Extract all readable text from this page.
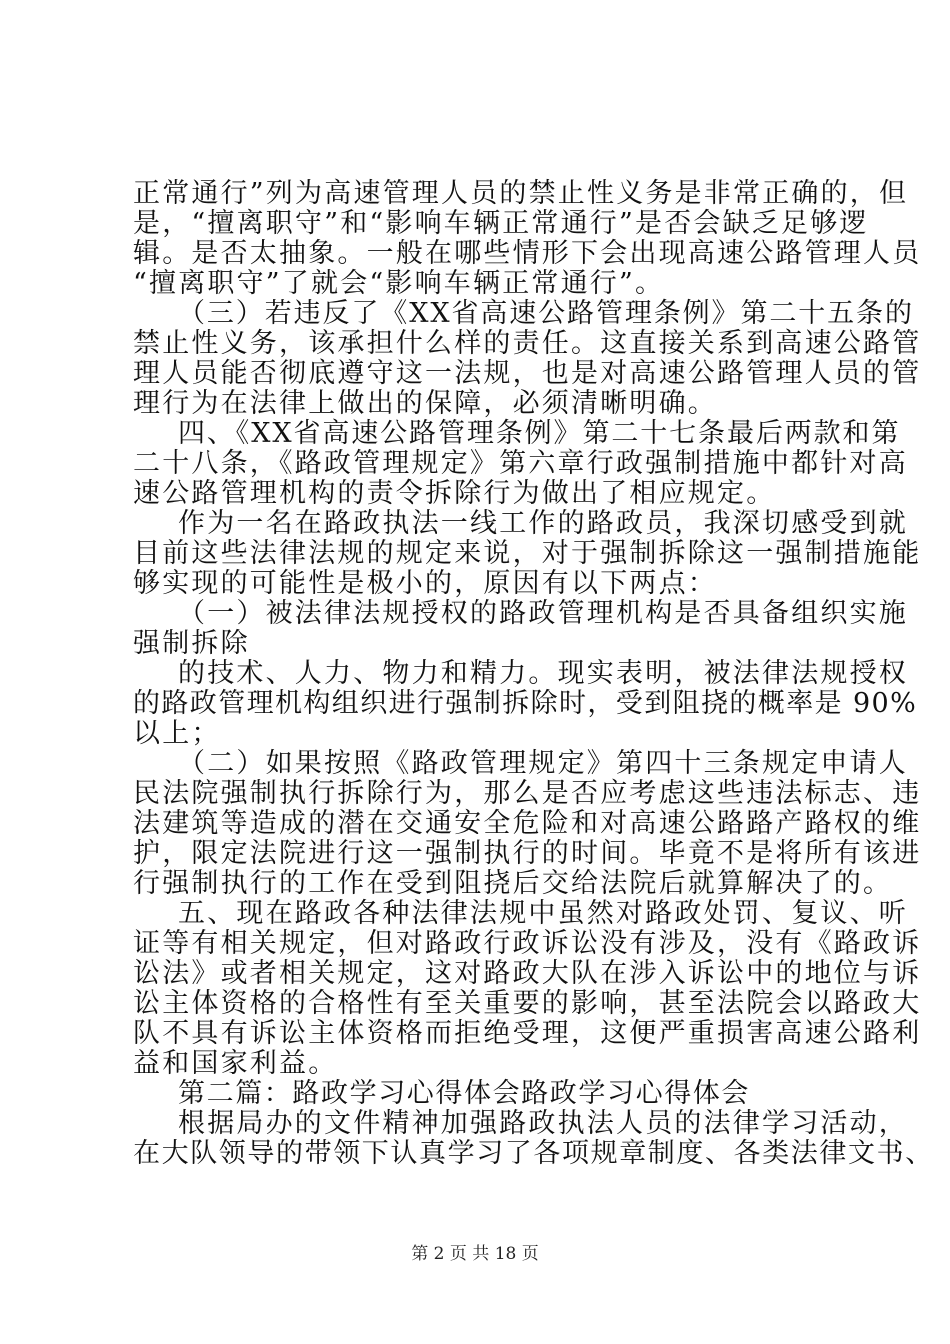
正常通行”列为高速管理人员的禁止性义务是非常正确的，但
是，“擅离职守”和“影响车辆正常通行”是否会缺乏足够逻
辑。是否太抽象。一般在哪些情形下会出现高速公路管理人员
“擅离职守”了就会“影响车辆正常通行”。
（三）若违反了《XX省高速公路管理条例》第二十五条的
禁止性义务，该承担什么样的责任。这直接关系到高速公路管
理人员能否彻底遵守这一法规，也是对高速公路管理人员的管
理行为在法律上做出的保障，必须清晰明确。
四、《XX省高速公路管理条例》第二十七条最后两款和第
二十八条，《路政管理规定》第六章行政强制措施中都针对高
速公路管理机构的责令拆除行为做出了相应规定。
作为一名在路政执法一线工作的路政员，我深切感受到就
目前这些法律法规的规定来说，对于强制拆除这一强制措施能
够实现的可能性是极小的，原因有以下两点：
（一）被法律法规授权的路政管理机构是否具备组织实施
强制拆除
的技术、人力、物力和精力。现实表明，被法律法规授权
的路政管理机构组织进行强制拆除时，受到阻挠的概率是 90%
以上；
（二）如果按照《路政管理规定》第四十三条规定申请人
民法院强制执行拆除行为，那么是否应考虑这些违法标志、违
法建筑等造成的潜在交通安全危险和对高速公路路产路权的维
护，限定法院进行这一强制执行的时间。毕竟不是将所有该进
行强制执行的工作在受到阻挠后交给法院后就算解决了的。
五、现在路政各种法律法规中虽然对路政处罚、复议、听
证等有相关规定，但对路政行政诉讼没有涉及，没有《路政诉
讼法》或者相关规定，这对路政大队在涉入诉讼中的地位与诉
讼主体资格的合格性有至关重要的影响，甚至法院会以路政大
队不具有诉讼主体资格而拒绝受理，这便严重损害高速公路利
益和国家利益。
第二篇：路政学习心得体会路政学习心得体会
根据局办的文件精神加强路政执法人员的法律学习活动，
在大队领导的带领下认真学习了各项规章制度、各类法律文书、
第 2 页 共 18 页
